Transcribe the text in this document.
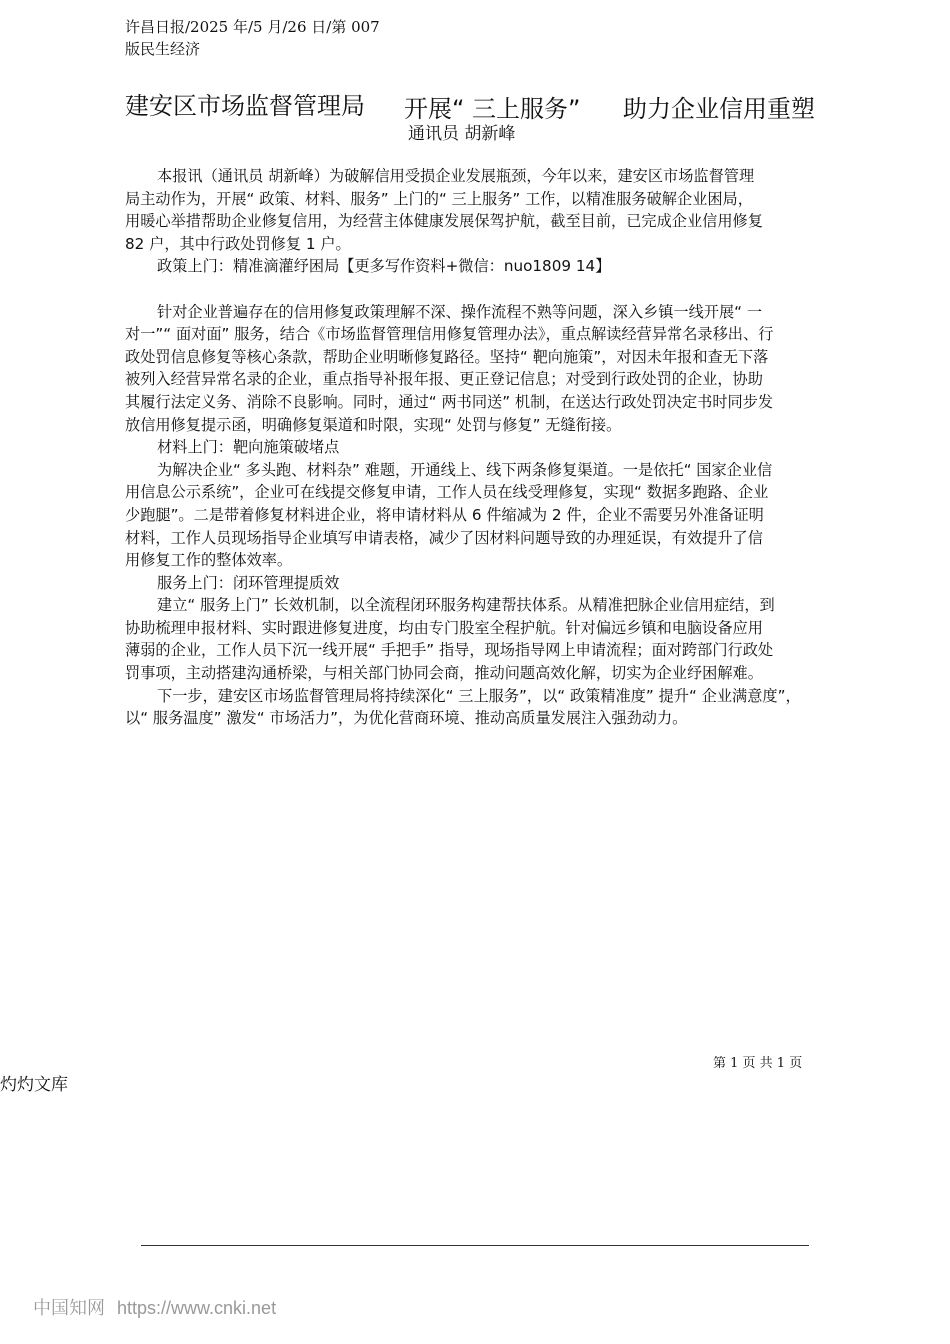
许昌日报/2025 年/5 月/26 日/第 007
版民生经济
建安区市场监督管理局 开展“ 三上服务” 助力企业信用重塑
通讯员 胡新峰
本报讯（通讯员 胡新峰）为破解信用受损企业发展瓶颈，今年以来，建安区市场监督管理
局主动作为，开展“ 政策、材料、服务” 上门的“ 三上服务” 工作，以精准服务破解企业困局，
用暖心举措帮助企业修复信用，为经营主体健康发展保驾护航，截至目前，已完成企业信用修复
82 户，其中行政处罚修复 1 户。
政策上门：精准滴灌纾困局【更多写作资料+微信：nuo1809 14】
针对企业普遍存在的信用修复政策理解不深、操作流程不熟等问题，深入乡镇一线开展“ 一
对一”“ 面对面” 服务，结合《市场监督管理信用修复管理办法》，重点解读经营异常名录移出、行
政处罚信息修复等核心条款，帮助企业明晰修复路径。坚持“ 靶向施策”，对因未年报和查无下落
被列入经营异常名录的企业，重点指导补报年报、更正登记信息；对受到行政处罚的企业，协助
其履行法定义务、消除不良影响。同时，通过“ 两书同送” 机制，在送达行政处罚决定书时同步发
放信用修复提示函，明确修复渠道和时限，实现“ 处罚与修复” 无缝衔接。
材料上门：靶向施策破堵点
为解决企业“ 多头跑、材料杂” 难题，开通线上、线下两条修复渠道。一是依托“ 国家企业信
用信息公示系统”，企业可在线提交修复申请，工作人员在线受理修复，实现“ 数据多跑路、企业
少跑腿”。二是带着修复材料进企业，将申请材料从 6 件缩减为 2 件，企业不需要另外准备证明
材料，工作人员现场指导企业填写申请表格，减少了因材料问题导致的办理延误，有效提升了信
用修复工作的整体效率。
服务上门：闭环管理提质效
建立“ 服务上门” 长效机制，以全流程闭环服务构建帮扶体系。从精准把脉企业信用症结，到
协助梳理申报材料、实时跟进修复进度，均由专门股室全程护航。针对偏远乡镇和电脑设备应用
薄弱的企业，工作人员下沉一线开展“ 手把手” 指导，现场指导网上申请流程；面对跨部门行政处
罚事项，主动搭建沟通桥梁，与相关部门协同会商，推动问题高效化解，切实为企业纾困解难。
下一步，建安区市场监督管理局将持续深化“ 三上服务”，以“ 政策精准度” 提升“ 企业满意度”，
以“ 服务温度” 激发“ 市场活力”，为优化营商环境、推动高质量发展注入强劲动力。
第 1 页 共 1 页
灼灼文库
中国知网 https://www.cnki.net
